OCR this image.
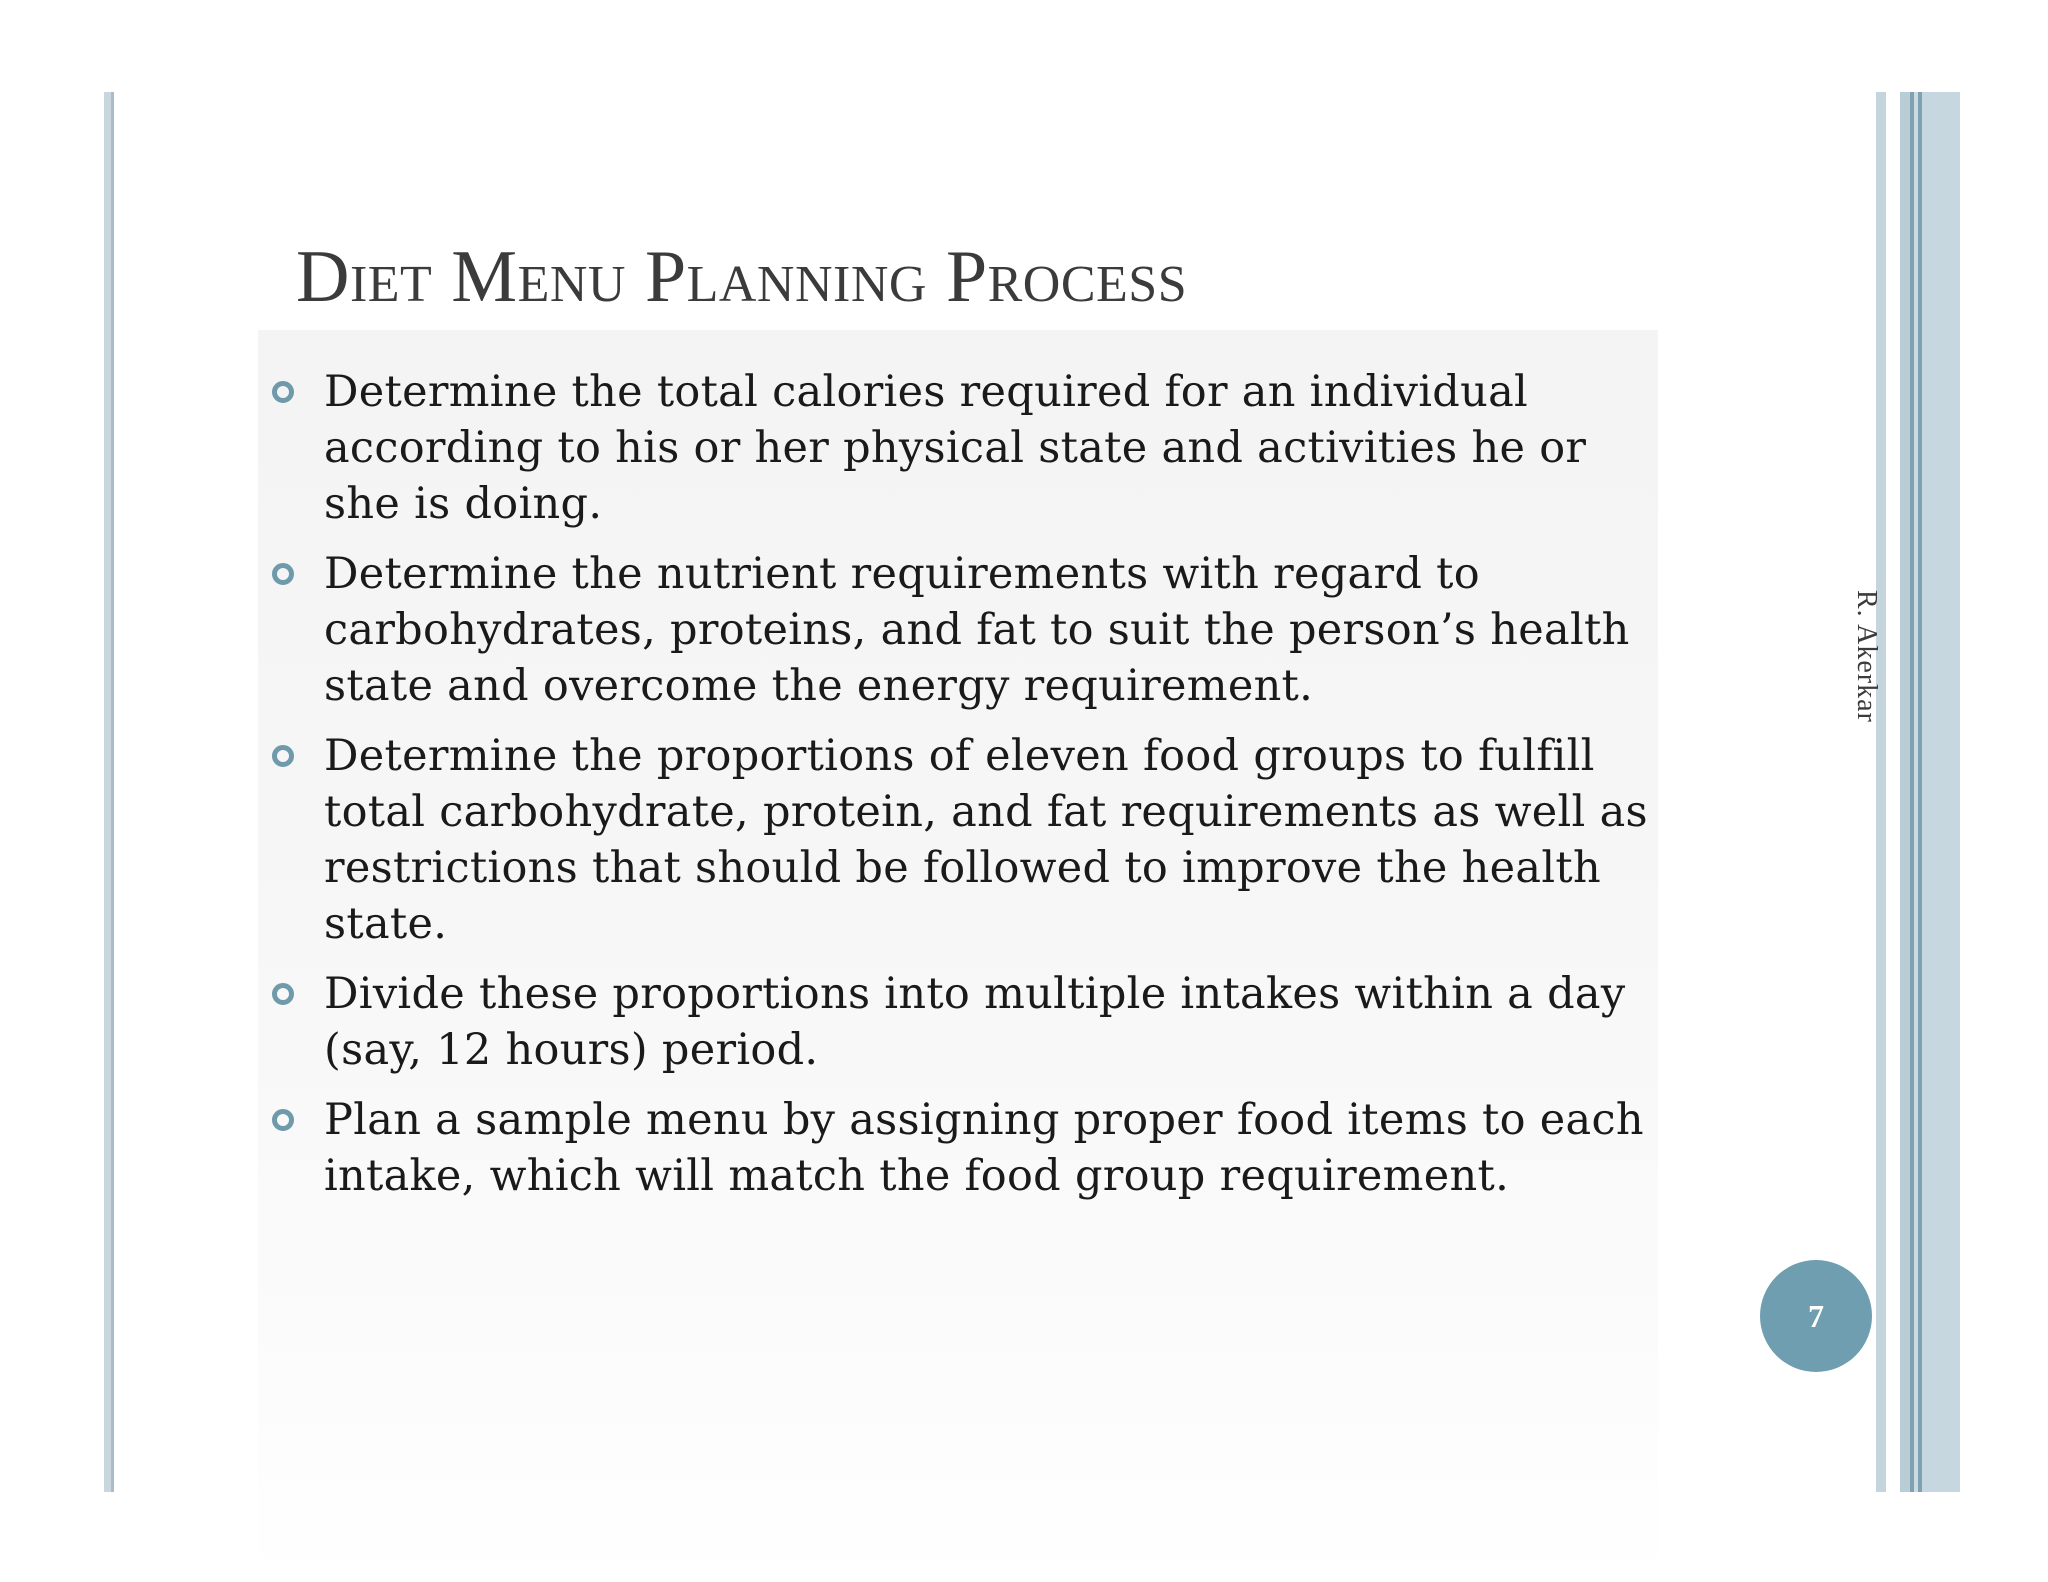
Diet Menu Planning Process
Determine the total calories required for an individual according to his or her physical state and activities he or she is doing.
Determine the nutrient requirements with regard to carbohydrates, proteins, and fat to suit the person’s health state and overcome the energy requirement.
Determine the proportions of eleven food groups to fulfill total carbohydrate, protein, and fat requirements as well as restrictions that should be followed to improve the health state.
Divide these proportions into multiple intakes within a day (say, 12 hours) period.
Plan a sample menu by assigning proper food items to each intake, which will match the food group requirement.
R. Akerkar
7
